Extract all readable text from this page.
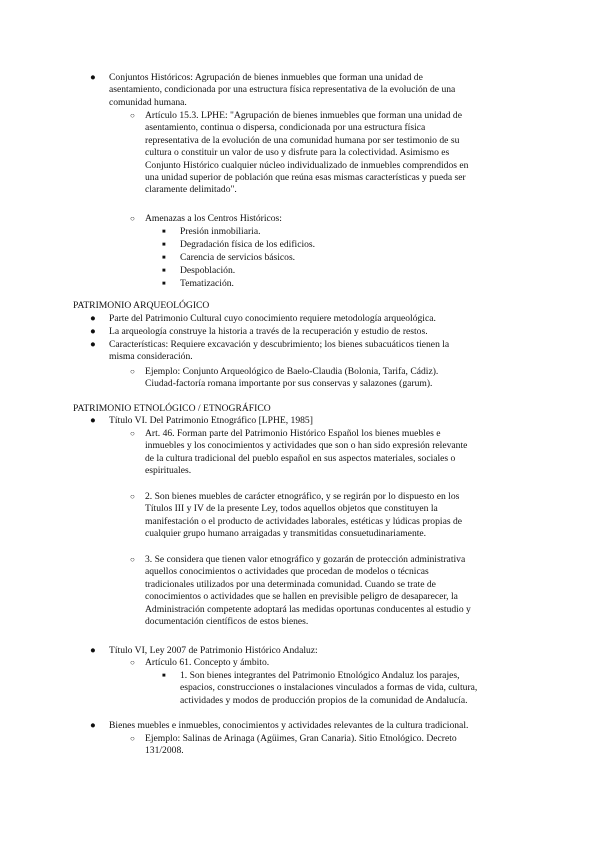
● Conjuntos Históricos: Agrupación de bienes inmuebles que forman una unidad de
asentamiento, condicionada por una estructura física representativa de la evolución de una
comunidad humana.

○ Artículo 15.3. LPHE: "Agrupación de bienes inmuebles que forman una unidad de
asentamiento, continua o dispersa, condicionada por una estructura física
representativa de la evolución de una comunidad humana por ser testimonio de su
cultura o constituir un valor de uso y disfrute para la colectividad. Asimismo es
Conjunto Histórico cualquier núcleo individualizado de inmuebles comprendidos en
una unidad superior de población que reúna esas mismas características y pueda ser
claramente delimitado".

○ Amenazas a los Centros Históricos:

■ Presión inmobiliaria.

■ Degradación física de los edificios.

■ Carencia de servicios básicos.

■ Despoblación.

■ Tematización.

PATRIMONIO ARQUEOLÓGICO

● Parte del Patrimonio Cultural cuyo conocimiento requiere metodología arqueológica.

● La arqueología construye la historia a través de la recuperación y estudio de restos.

● Características: Requiere excavación y descubrimiento; los bienes subacuáticos tienen la
misma consideración.

○ Ejemplo: Conjunto Arqueológico de Baelo-Claudia (Bolonia, Tarifa, Cádiz).
Ciudad-factoría romana importante por sus conservas y salazones (garum).

PATRIMONIO ETNOLÓGICO / ETNOGRÁFICO

● Título VI. Del Patrimonio Etnográfico [LPHE, 1985]

○ Art. 46. Forman parte del Patrimonio Histórico Español los bienes muebles e
inmuebles y los conocimientos y actividades que son o han sido expresión relevante
de la cultura tradicional del pueblo español en sus aspectos materiales, sociales o
espirituales.

○ 2. Son bienes muebles de carácter etnográfico, y se regirán por lo dispuesto en los
Títulos III y IV de la presente Ley, todos aquellos objetos que constituyen la
manifestación o el producto de actividades laborales, estéticas y lúdicas propias de
cualquier grupo humano arraigadas y transmitidas consuetudinariamente.

○ 3. Se considera que tienen valor etnográfico y gozarán de protección administrativa
aquellos conocimientos o actividades que procedan de modelos o técnicas
tradicionales utilizados por una determinada comunidad. Cuando se trate de
conocimientos o actividades que se hallen en previsible peligro de desaparecer, la
Administración competente adoptará las medidas oportunas conducentes al estudio y
documentación científicos de estos bienes.

● Título VI, Ley 2007 de Patrimonio Histórico Andaluz:

○ Artículo 61. Concepto y ámbito.

■ 1. Son bienes integrantes del Patrimonio Etnológico Andaluz los parajes,
espacios, construcciones o instalaciones vinculados a formas de vida, cultura,
actividades y modos de producción propios de la comunidad de Andalucía.

● Bienes muebles e inmuebles, conocimientos y actividades relevantes de la cultura tradicional.

○ Ejemplo: Salinas de Arinaga (Agüimes, Gran Canaria). Sitio Etnológico. Decreto
131/2008.
